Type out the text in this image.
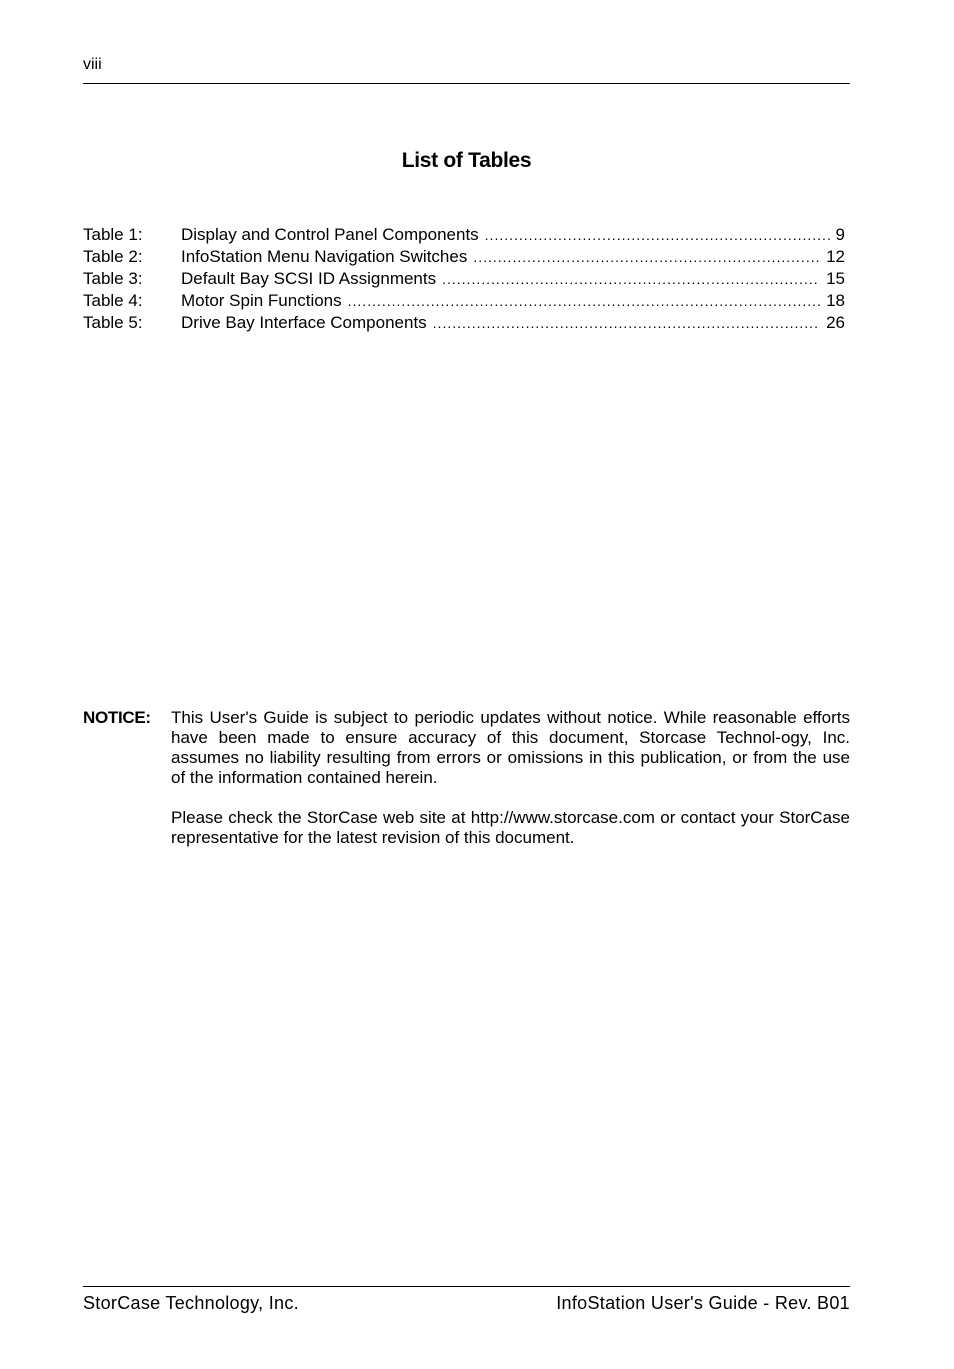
viii
List of Tables
Table 1:	Display and Control Panel Components .....	9
Table 2:	InfoStation Menu Navigation Switches .....	12
Table 3:	Default Bay SCSI ID Assignments .....	15
Table 4:	Motor Spin Functions .....	18
Table 5:	Drive Bay Interface Components .....	26
NOTICE: This User's Guide is subject to periodic updates without notice. While reasonable efforts have been made to ensure accuracy of this document, Storcase Technol-ogy, Inc. assumes no liability resulting from errors or omissions in this publication, or from the use of the information contained herein.

Please check the StorCase web site at http://www.storcase.com or contact your StorCase representative for the latest revision of this document.

StorCase Technology, Inc.	InfoStation User's Guide - Rev. B01
